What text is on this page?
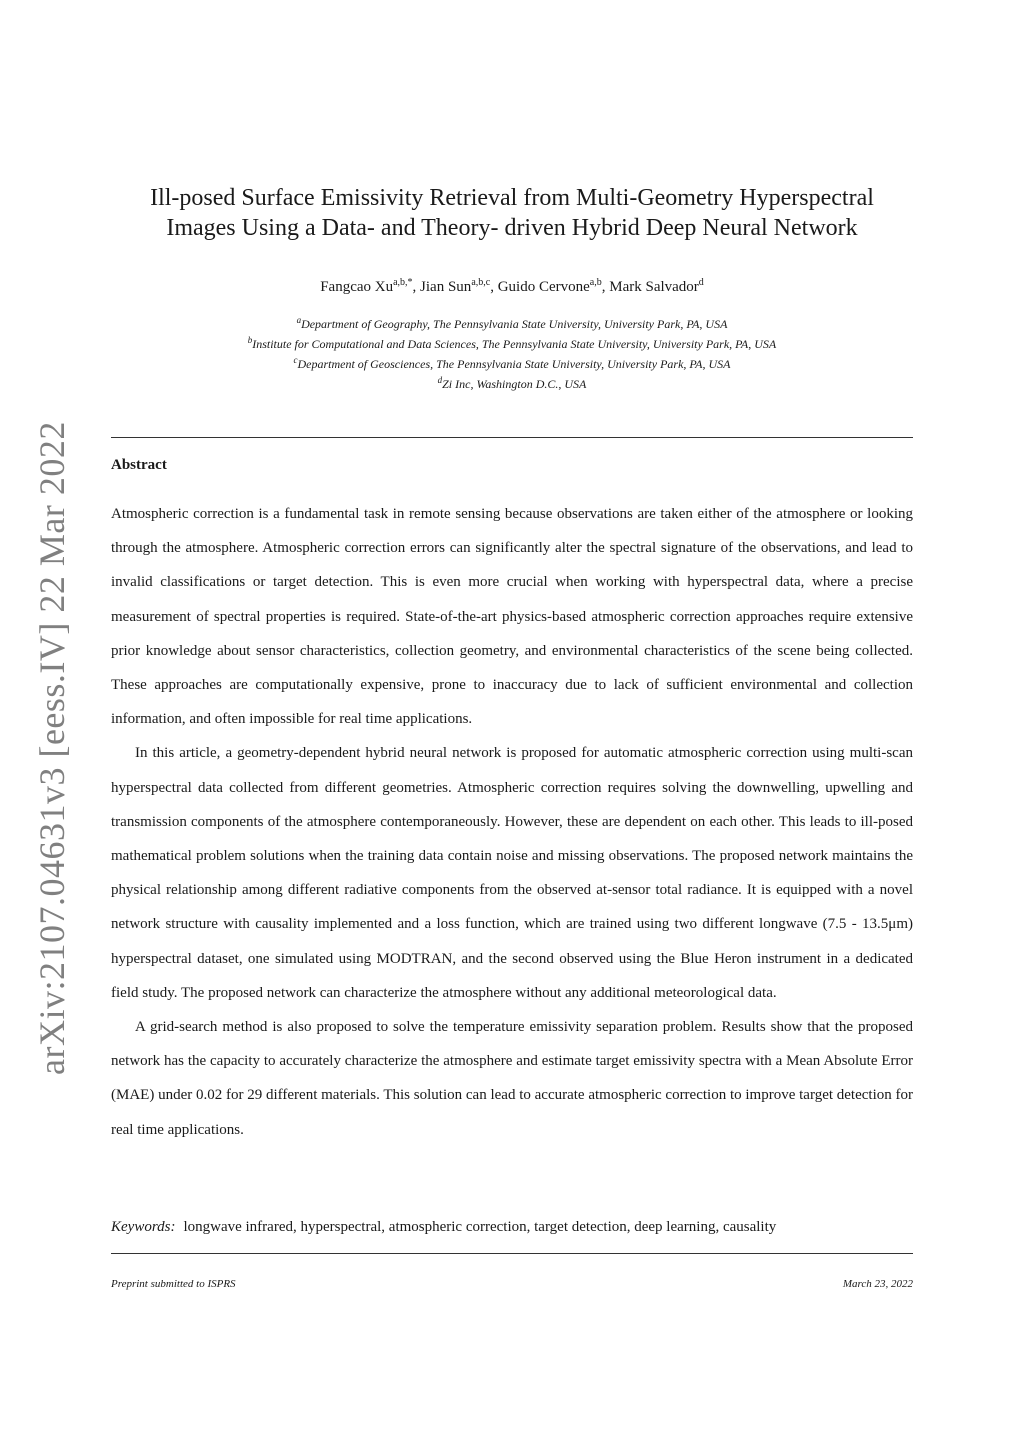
arXiv:2107.04631v3 [eess.IV] 22 Mar 2022
Ill-posed Surface Emissivity Retrieval from Multi-Geometry Hyperspectral
Images Using a Data- and Theory- driven Hybrid Deep Neural Network
Fangcao $Xu^{a,b,*}$, Jian Sun$^{a,b,c}$, Guido Cervone$^{a,b}$, Mark Salvador$^d$
$^a$Department of Geography, The Pennsylvania State University, University Park, PA, USA
$^b$Institute for Computational and Data Sciences, The Pennsylvania State University, University Park, PA, USA
$^c$Department of Geosciences, The Pennsylvania State University, University Park, PA, USA
$^d$Zi Inc, Washington D.C., USA
Abstract

Atmospheric correction is a fundamental task in remote sensing because observations are taken either of the atmosphere or looking through the atmosphere. Atmospheric correction errors can significantly alter the spectral signature of the observations, and lead to invalid classifications or target detection. This is even more crucial when working with hyperspectral data, where a precise measurement of spectral properties is required. State-of-the-art physics-based atmospheric correction approaches require extensive prior knowledge about sensor characteristics, collection geometry, and environmental characteristics of the scene being collected. These approaches are computationally expensive, prone to inaccuracy due to lack of sufficient environmental and collection information, and often impossible for real time applications.

In this article, a geometry-dependent hybrid neural network is proposed for automatic atmospheric correction using multi-scan hyperspectral data collected from different geometries. Atmospheric correction requires solving the downwelling, upwelling and transmission components of the atmosphere contemporaneously. However, these are dependent on each other. This leads to ill-posed mathematical problem solutions when the training data contain noise and missing observations. The proposed network maintains the physical relationship among different radiative components from the observed at-sensor total radiance. It is equipped with a novel network structure with causality implemented and a loss function, which are trained using two different longwave (7.5 - 13.5μm) hyperspectral dataset, one simulated using MODTRAN, and the second observed using the Blue Heron instrument in a dedicated field study. The proposed network can characterize the atmosphere without any additional meteorological data.

A grid-search method is also proposed to solve the temperature emissivity separation problem. Results show that the proposed network has the capacity to accurately characterize the atmosphere and estimate target emissivity spectra with a Mean Absolute Error (MAE) under 0.02 for 29 different materials. This solution can lead to accurate atmospheric correction to improve target detection for real time applications.

Keywords: longwave infrared, hyperspectral, atmospheric correction, target detection, deep learning, causality
Preprint submitted to ISPRS	March 23, 2022
